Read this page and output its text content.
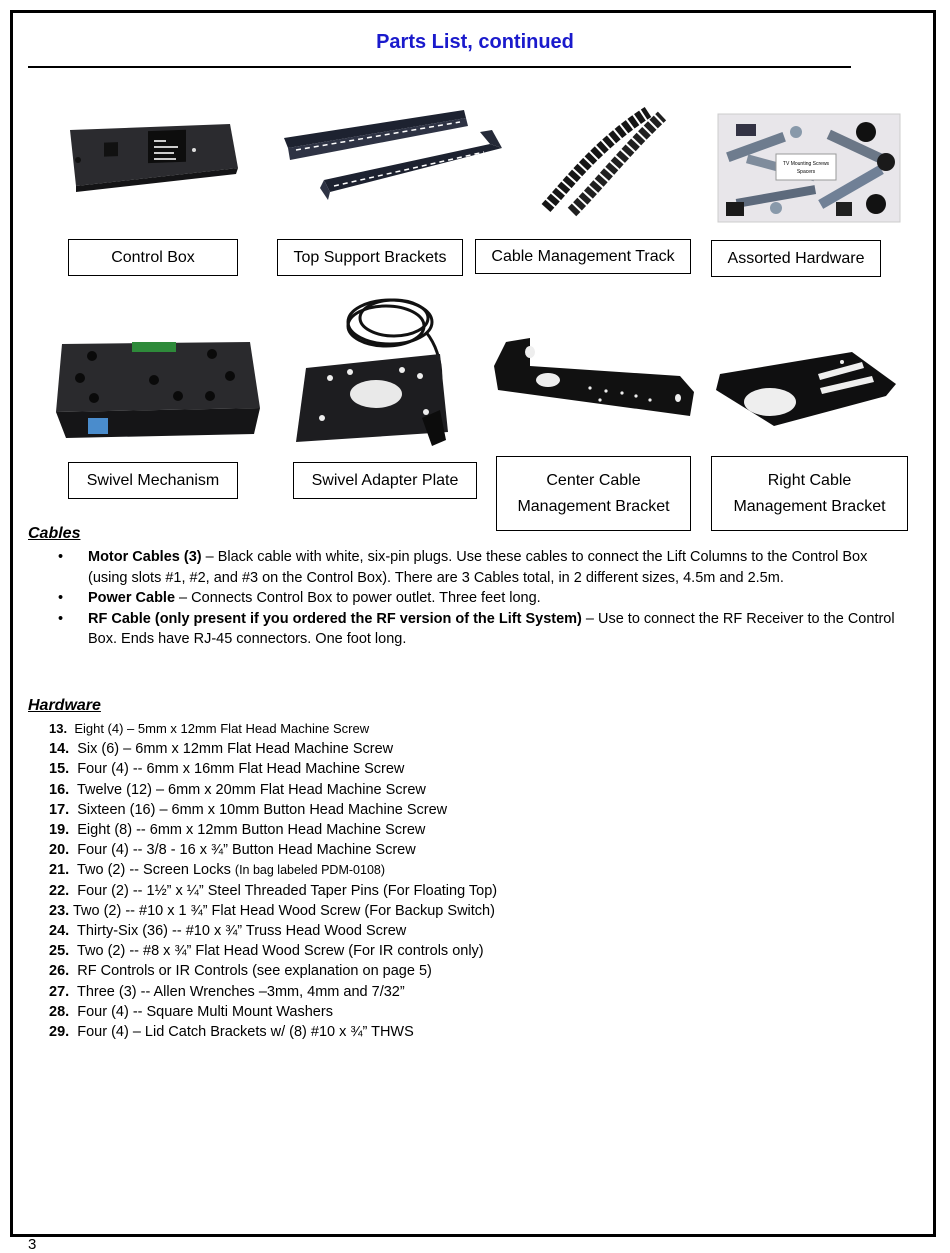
Parts List, continued
TV Mounting Screws
Spacers
Control Box	Top Support Brackets	Cable Management Track	Assorted Hardware
Swivel Mechanism	Swivel Adapter Plate	Center Cable
Management Bracket
Right Cable
Management Bracket
Cables
• Motor Cables (3) – Black cable with white, six-pin plugs. Use these cables to connect the Lift Columns to the Control Box (using slots #1, #2, and #3 on the Control Box). There are 3 Cables total, in 2 different sizes, 4.5m and 2.5m.
• Power Cable – Connects Control Box to power outlet. Three feet long.
• RF Cable (only present if you ordered the RF version of the Lift System) – Use to connect the RF Receiver to the Control Box. Ends have RJ-45 connectors. One foot long.
Hardware
13. Eight (4) – 5mm x 12mm Flat Head Machine Screw
14. Six (6) – 6mm x 12mm Flat Head Machine Screw
15. Four (4) -- 6mm x 16mm Flat Head Machine Screw
16. Twelve (12) – 6mm x 20mm Flat Head Machine Screw
17. Sixteen (16) – 6mm x 10mm Button Head Machine Screw
19. Eight (8) -- 6mm x 12mm Button Head Machine Screw
20. Four (4) -- 3/8 - 16 x ¾” Button Head Machine Screw
21. Two (2) -- Screen Locks (In bag labeled PDM-0108)
22. Four (2) -- 1½” x ¼” Steel Threaded Taper Pins (For Floating Top)
23. Two (2) -- #10 x 1 ¾” Flat Head Wood Screw (For Backup Switch)
24. Thirty-Six (36) -- #10 x ¾” Truss Head Wood Screw
25. Two (2) -- #8 x ¾” Flat Head Wood Screw (For IR controls only)
26. RF Controls or IR Controls (see explanation on page 5)
27. Three (3) -- Allen Wrenches –3mm, 4mm and 7/32”
28. Four (4) -- Square Multi Mount Washers
29. Four (4) – Lid Catch Brackets w/ (8) #10 x ¾” THWS
3
